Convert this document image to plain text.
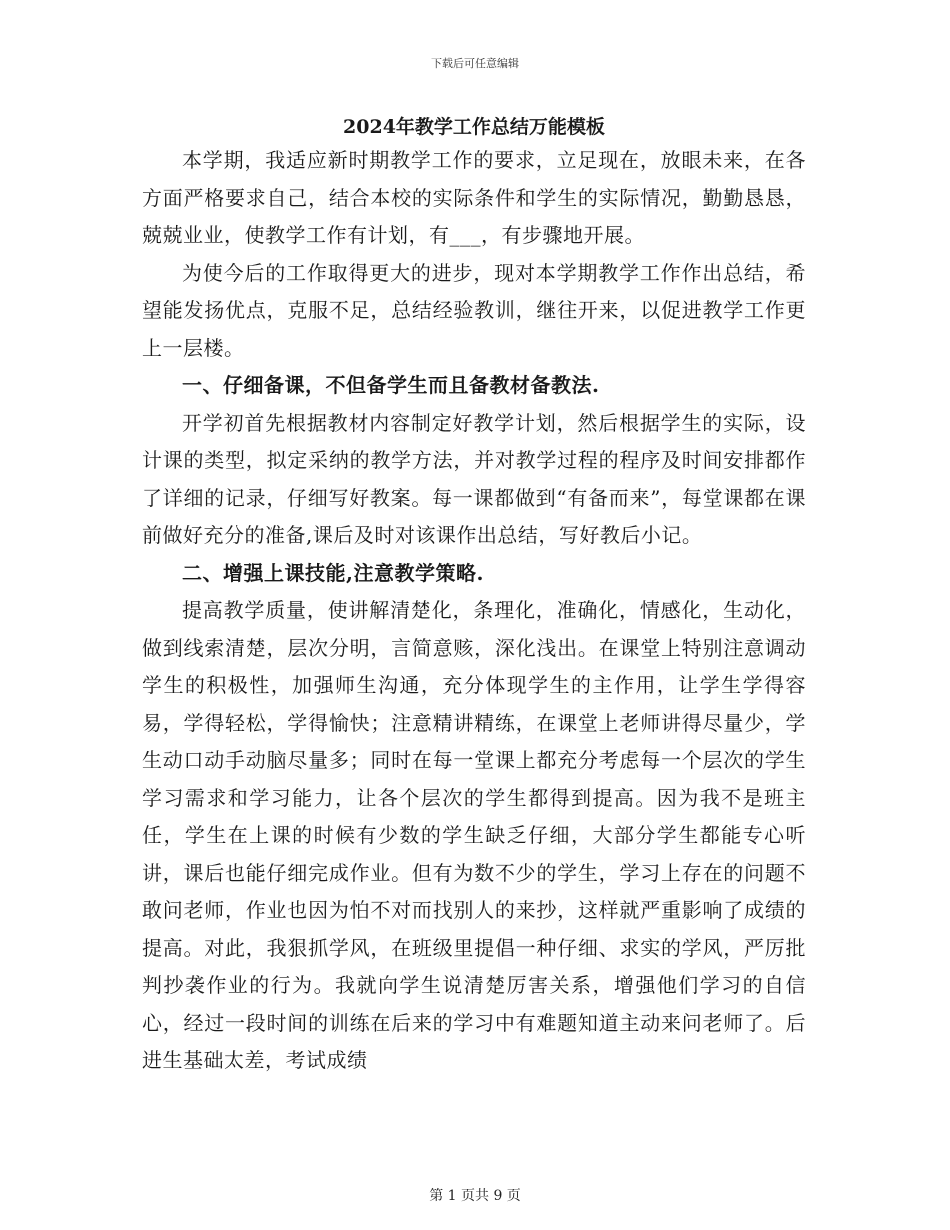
下载后可任意编辑
2024年教学工作总结万能模板

本学期，我适应新时期教学工作的要求，立足现在，放眼未来，在各方面严格要求自己，结合本校的实际条件和学生的实际情况，勤勤恳恳，兢兢业业，使教学工作有计划，有___，有步骤地开展。

为使今后的工作取得更大的进步，现对本学期教学工作作出总结，希望能发扬优点，克服不足，总结经验教训，继往开来，以促进教学工作更上一层楼。

一、仔细备课，不但备学生而且备教材备教法.

开学初首先根据教材内容制定好教学计划，然后根据学生的实际，设计课的类型，拟定采纳的教学方法，并对教学过程的程序及时间安排都作了详细的记录，仔细写好教案。每一课都做到“有备而来”，每堂课都在课前做好充分的准备,课后及时对该课作出总结，写好教后小记。

二、增强上课技能,注意教学策略.

提高教学质量，使讲解清楚化，条理化，准确化，情感化，生动化，做到线索清楚，层次分明，言简意赅，深化浅出。在课堂上特别注意调动学生的积极性，加强师生沟通，充分体现学生的主作用，让学生学得容易，学得轻松，学得愉快；注意精讲精练，在课堂上老师讲得尽量少，学生动口动手动脑尽量多；同时在每一堂课上都充分考虑每一个层次的学生学习需求和学习能力，让各个层次的学生都得到提高。因为我不是班主任，学生在上课的时候有少数的学生缺乏仔细，大部分学生都能专心听讲，课后也能仔细完成作业。但有为数不少的学生，学习上存在的问题不敢问老师，作业也因为怕不对而找别人的来抄，这样就严重影响了成绩的提高。对此，我狠抓学风，在班级里提倡一种仔细、求实的学风，严厉批判抄袭作业的行为。我就向学生说清楚厉害关系，增强他们学习的自信心，经过一段时间的训练在后来的学习中有难题知道主动来问老师了。后进生基础太差，考试成绩

第 1 页共 9 页
